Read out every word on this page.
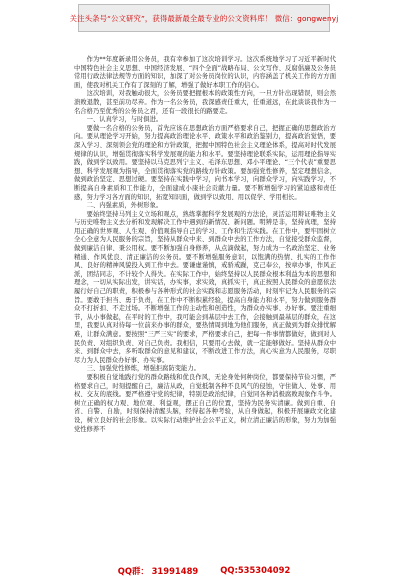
关注头条号“公文研究”，获得最新最全最专业的公文资料库！ 微信：gongwenyj

作为**年度新录用公务员，我有幸参加了这次培训学习。这次系统地学习了习近平新时代中国特色社会主义思想、中国经济发展、“四个全面”战略布局、公文写作、反腐倡廉及公务员常用行政法律法规等方面的知识，加深了对公务员岗位的认识，内容涵盖了机关工作的方方面面，使我对机关工作有了深刻的了解，增强了做好本职工作的信心。

这次培训，对我触动很大，公务员要把握根本的政策性方向，一旦方针出现错误，则会然溃败退散，甚至前功尽弃。作为一名公务员，我深感责任重大，任重道远，在此谈谈我作为一名合格乃至优秀的公务员之君，还有一段很长的路要走。

一、认真学习，与时俱进。

要做一名合格的公务员，首先应该在思想政治方面严格要求自己，把握正确的思想政治方向。要从理论学习开始，努力提高政治理论水平、政策水平和政治鉴别力，提高政治觉悟，要深入学习、深刻领会党的理论和方针政策，把握中国特色社会主义理论体系，提高对时代发展规律的认识，增强贯彻落实科学发展观的能力和水平。要坚持理论联系实际，运用理论指导实践，做到学以致用。要坚持以马克思列宁主义、毛泽东思想、邓小平理论、“三个代表”重要思想、科学发展观为指导，全面贯彻落实党的路线方针政策。要加强党性修养，坚定理想信念，做到政治坚定、思想过硬。要坚持在实践中学习，向书本学习，向群众学习，向实践学习，不断提高自身素质和工作能力，全面建成小康社会贡献力量。要不断增强学习的紧迫感和责任感，努力学习各方面的知识，拓宽知识面，做到学以致用、用以促学、学用相长。

二、内强素质，外树形象。

要始终坚持马列主义立场和观点，熟练掌握科学发展观的方法论，灵活运用辩证唯物主义与历史唯物主义去分析和发现解决工作中遇到的新情况、新问题。明辨是非，坚持真理，坚持用正确的世界观、人生观、价值观指导自己的学习、工作和生活实践。在工作中，要牢固树立全心全意为人民服务的宗旨，坚持从群众中来、到群众中去的工作方法，自觉接受群众监督，做到廉洁自律、秉公用权。要不断加强自身修养，从点滴做起，努力成为一名政治坚定、业务精通、作风优良、清正廉洁的公务员。要不断增强服务意识，以饱满的热情、扎实的工作作风、良好的精神风貌投入到工作中去。要谦虚谨慎，戒骄戒躁，克己奉公，按章办事，作风正派，团结同志，不计较个人得失。在实际工作中，始终坚持以人民群众根本利益为本的思想和理念，一切从实际出发，讲实话，办实事，求实效，真抓实干，真正按照人民群众的意愿依法履行好自己的职责，积极参与各种形式的社会实践和志愿服务活动，时刻牢记为人民服务的宗旨。要敢于担当、勇于负责，在工作中不断积累经验，提高自身能力和水平，努力做到服务群众不打折扣、不走过场。不断增强工作的主动性和创造性，为群众办实事、办好事。要注重细节，从小事做起，在平时的工作中，我可能会到基层中去工作，会接触到最基层的群众，在这里，我要认真对待每一位前来办事的群众，要热情周到地为他们服务，真正做到为群众排忧解难，让群众满意。要按照“三严三实”的要求，严格要求自己，把每一件事情都做好，做到对人民负责、对组织负责、对自己负责。我相信，只要用心去做，就一定能够做好。坚持从群众中来、到群众中去，多听取群众的意见和建议，不断改进工作方法，真心实意为人民服务，尽职尽力为人民群众办好事、办实事。

三、加强党性修炼，增强拒腐防变能力。

要积极自觉地践行党的群众路线和优良作风，无论身处何种岗位，都要保持节俭习惯，严格要求自己，时刻提醒自己，廉洁从政，自觉抵制各种不良风气的侵蚀，守住做人、处事、用权、交友的底线。要严格遵守党的纪律，特别是政治纪律，自觉同各种消极腐败现象作斗争。树立正确的权力观、地位观、利益观，摆正自己的位置，坚持为民务实清廉。做到自重、自省、自警、自励，时刻保持清醒头脑，经得起各种考验，从自身做起，积极开展廉政文化建设，树立良好的社会形象。以实际行动维护社会公平正义，树立清正廉洁的形象，努力为加强党性修养不

QQ群： 31991489	QQ:535304092
